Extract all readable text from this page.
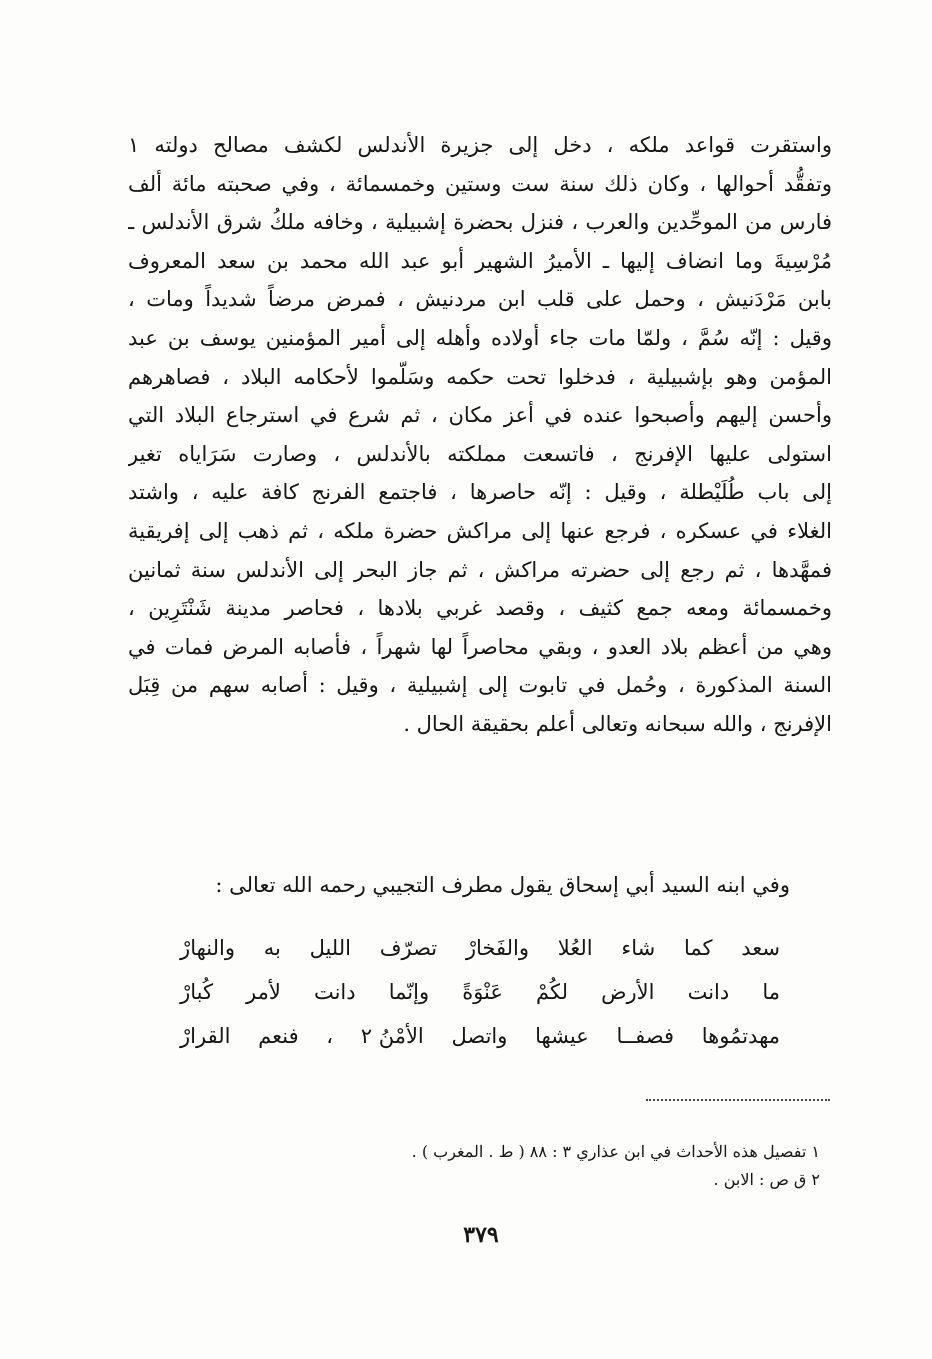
واستقرت قواعد ملكه ، دخل إلى جزيرة الأندلس لكشف مصالح دولته ١
وتفقُّد أحوالها ، وكان ذلك سنة ست وستين وخمسمائة ، وفي صحبته مائة ألف
فارس من الموحِّدين والعرب ، فنزل بحضرة إشبيلية ، وخافه ملكُ شرق الأندلس ـ
مُرْسِيةَ وما انضاف إليها ـ الأميرُ الشهير أبو عبد الله محمد بن سعد المعروف
بابن مَرْدَنيش ، وحمل على قلب ابن مردنيش ، فمرض مرضاً شديداً ومات ،
وقيل : إنّه سُمَّ ، ولمّا مات جاء أولاده وأهله إلى أمير المؤمنين يوسف بن عبد
المؤمن وهو بإشبيلية ، فدخلوا تحت حكمه وسَلّموا لأحكامه البلاد ، فصاهرهم
وأحسن إليهم وأصبحوا عنده في أعز مكان ، ثم شرع في استرجاع البلاد التي
استولى عليها الإفرنج ، فاتسعت مملكته بالأندلس ، وصارت سَرَاياه تغير
إلى باب طُلَيْطلة ، وقيل : إنّه حاصرها ، فاجتمع الفرنج كافة عليه ، واشتد
الغلاء في عسكره ، فرجع عنها إلى مراكش حضرة ملكه ، ثم ذهب إلى إفريقية
فمهَّدها ، ثم رجع إلى حضرته مراكش ، ثم جاز البحر إلى الأندلس سنة ثمانين
وخمسمائة ومعه جمع كثيف ، وقصد غربي بلادها ، فحاصر مدينة شَنْتَرِين ،
وهي من أعظم بلاد العدو ، وبقي محاصراً لها شهراً ، فأصابه المرض فمات في
السنة المذكورة ، وحُمل في تابوت إلى إشبيلية ، وقيل : أصابه سهم من قِبَل
الإفرنج ، والله سبحانه وتعالى أعلم بحقيقة الحال .
وفي ابنه السيد أبي إسحاق يقول مطرف التجيبي رحمه الله تعالى :
سعد
كما
شاء
العُلا
والفَخارْ
تصرّف
الليل
به
والنهارْ
ما
دانت
الأرض
لكُمْ
عَنْوَةً
وإنّما
دانت
لأمر
كُبارْ
مهدتمُوها
فصفــا
عيشها
واتصل
الأمْنُ ٢
،
فنعم
القرارْ
١ تفصيل هذه الأحداث في ابن عذاري ٣ : ٨٨ ( ط . المغرب ) .
٢ ق ص : الابن .
٣٧٩
